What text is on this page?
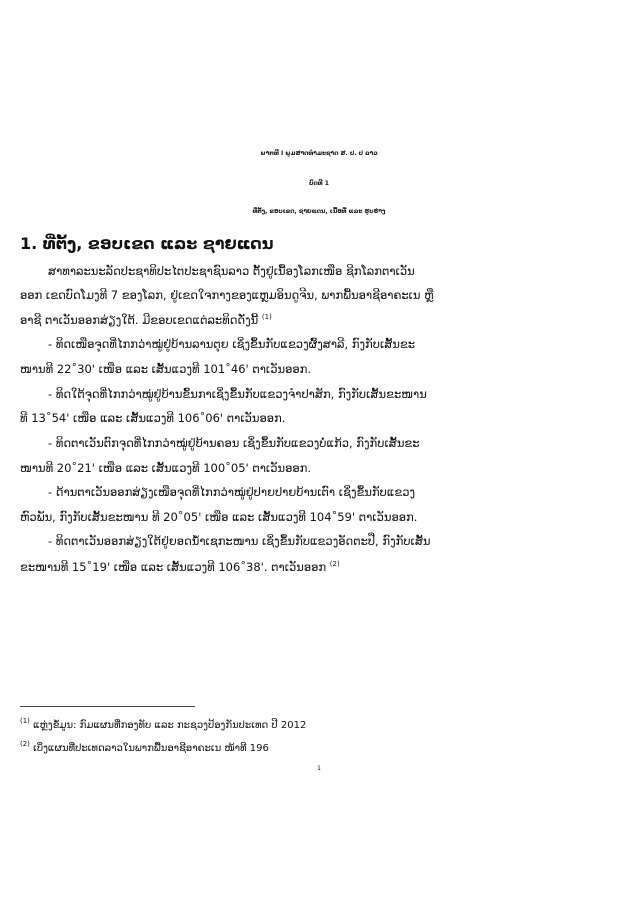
ພາກທີ I ພູມສາດທຳມະຊາດ ສ. ປ. ປ ລາວ
ບົດທີ 1
ທີ່ຕັ້ງ, ຂອບເຂດ, ຊາຍແດນ, ເນື້ອທີ່ ແລະ ຮູບຮ່າງ
1. ທີ່ຕັ້ງ, ຂອບເຂດ ແລະ ຊາຍແດນ
ສາທາລະນະລັດປະຊາທິປະໄຕປະຊາຊົນລາວ ຕັ້ງຢູ່ເນື້ອງໂລກເໜືອ ຊີກໂລກຕາເວັນ
ອອກ ເຂດບົດໂມງທີ 7 ຂອງໂລກ, ຢູ່ເຂດໃຈກາງຂອງແຫຼມອິນດູຈີນ, ພາກພື້ນອາຊີອາຄະເນ ຫຼື
ອາຊີ ຕາເວັນອອກສ່ຽງໃຕ້. ມີຂອບເຂດແຕ່ລະທິດດັ່ງນີ້ $^{(1)}$
- ທິດເໜືອຈຸດທີ່ໄກກວ່າໝູ່ຢູ່ບ້ານລານຕຸຍ ເຊິ່ງຂຶ້ນກັບແຂວງຜົ້ງສາລີ, ກົງກັບເສັ້ນຂະ
ໜານທີ 22˚30' ເໜືອ ແລະ ເສັ້ນແວງທີ 101˚46' ຕາເວັນອອກ.
- ທິດໃຕ້ຈຸດທີ່ໄກກວ່າໝູ່ຢູ່ບ້ານຂົ້ນກາເຊິ່ງຂຶ້ນກັບແຂວງຈຳປາສັກ, ກົງກັບເສັ້ນຂະໜານ
ທີ 13˚54' ເໜືອ ແລະ ເສັ້ນແວງທີ 106˚06' ຕາເວັນອອກ.
- ທິດຕາເວັນຕົກຈຸດທີ່ໄກກວ່າໝູ່ຢູ່ບ້ານຄອນ ເຊິ່ງຂຶ້ນກັບແຂວງບໍ່ແກ້ວ, ກົງກັບເສັ້ນຂະ
ໜານທີ 20˚21' ເໜືອ ແລະ ເສັ້ນແວງທີ 100˚05' ຕາເວັນອອກ.
- ດ້ານຕາເວັນອອກສ່ຽງເໜືອຈຸດທີ່ໄກກວ່າໝູ່ຢູ່ປາຍປາຍບ້ານເຕົາ ເຊິ່ງຂຶ້ນກັບແຂວງ
ຫົວພັນ, ກົງກັບເສັ້ນຂະໜານ ທີ 20˚05' ເໜືອ ແລະ ເສັ້ນແວງທີ 104˚59' ຕາເວັນອອກ.
- ທິດຕາເວັນອອກສ່ຽງໃຕ້ຢູ່ຍອດນ້ຳເຊກະໜານ ເຊິ່ງຂຶ້ນກັບແຂວງອັດຕະປື, ກົງກັບເສັ້ນ
ຂະໜານທີ 15˚19' ເໜືອ ແລະ ເສັ້ນແວງທີ 106˚38'. ຕາເວັນອອກ $^{(2)}$
$^{(1)}$ ແຫຼ່ງຂໍ້ມູນ: ກົມແຜນທີ່ກອງທັບ ແລະ ກະຊວງປ້ອງກັນປະເທດ ປີ 2012
$^{(2)}$ ເບິ່ງແຜນທີ່ປະເທດລາວໃນພາກພື້ນອາຊີອາຄະເນ ໜ້າທີ 196
1
